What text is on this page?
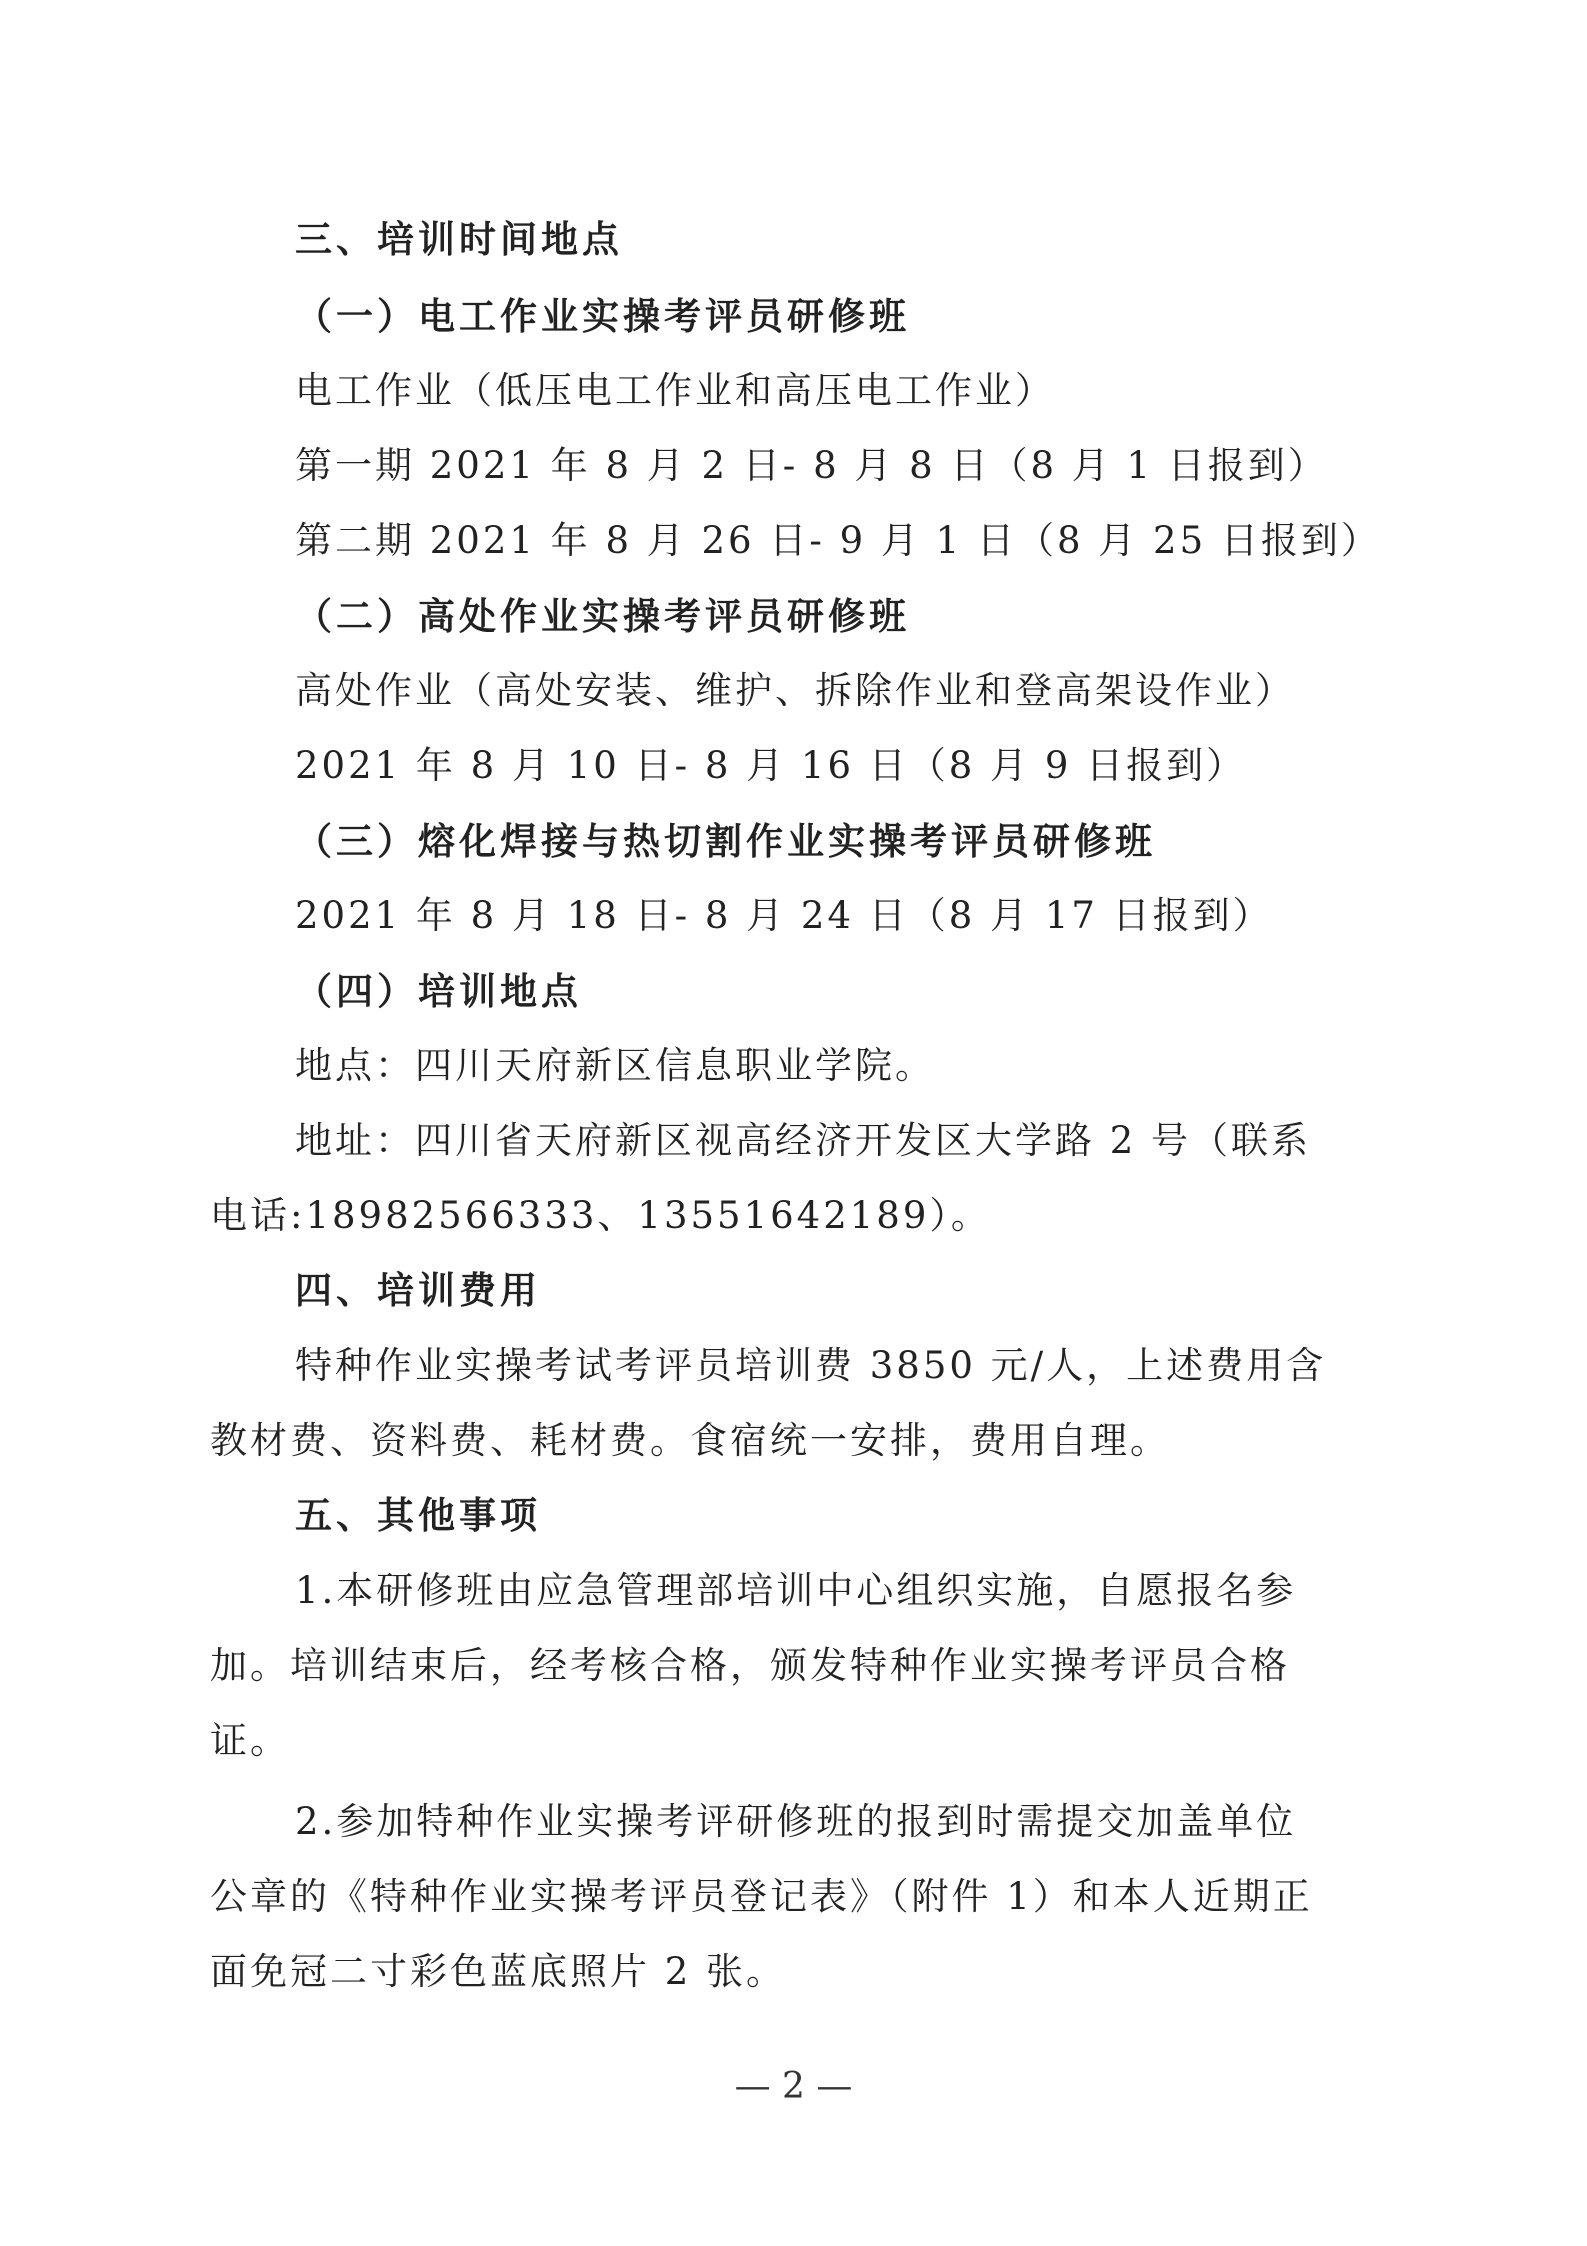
三、培训时间地点
（一）电工作业实操考评员研修班
电工作业（低压电工作业和高压电工作业）
第一期 2021 年 8 月 2 日- 8 月 8 日（8 月 1 日报到）
第二期 2021 年 8 月 26 日- 9 月 1 日（8 月 25 日报到）
（二）高处作业实操考评员研修班
高处作业（高处安装、维护、拆除作业和登高架设作业）
2021 年 8 月 10 日- 8 月 16 日（8 月 9 日报到）
（三）熔化焊接与热切割作业实操考评员研修班
2021 年 8 月 18 日- 8 月 24 日（8 月 17 日报到）
（四）培训地点
地点：四川天府新区信息职业学院。
地址：四川省天府新区视高经济开发区大学路 2 号（联系
电话:18982566333、13551642189）。
四、培训费用
特种作业实操考试考评员培训费 3850 元/人，上述费用含
教材费、资料费、耗材费。食宿统一安排，费用自理。
五、其他事项
1.本研修班由应急管理部培训中心组织实施，自愿报名参
加。培训结束后，经考核合格，颁发特种作业实操考评员合格
证。
2.参加特种作业实操考评研修班的报到时需提交加盖单位
公章的《特种作业实操考评员登记表》（附件 1）和本人近期正
面免冠二寸彩色蓝底照片 2 张。
— 2 —
